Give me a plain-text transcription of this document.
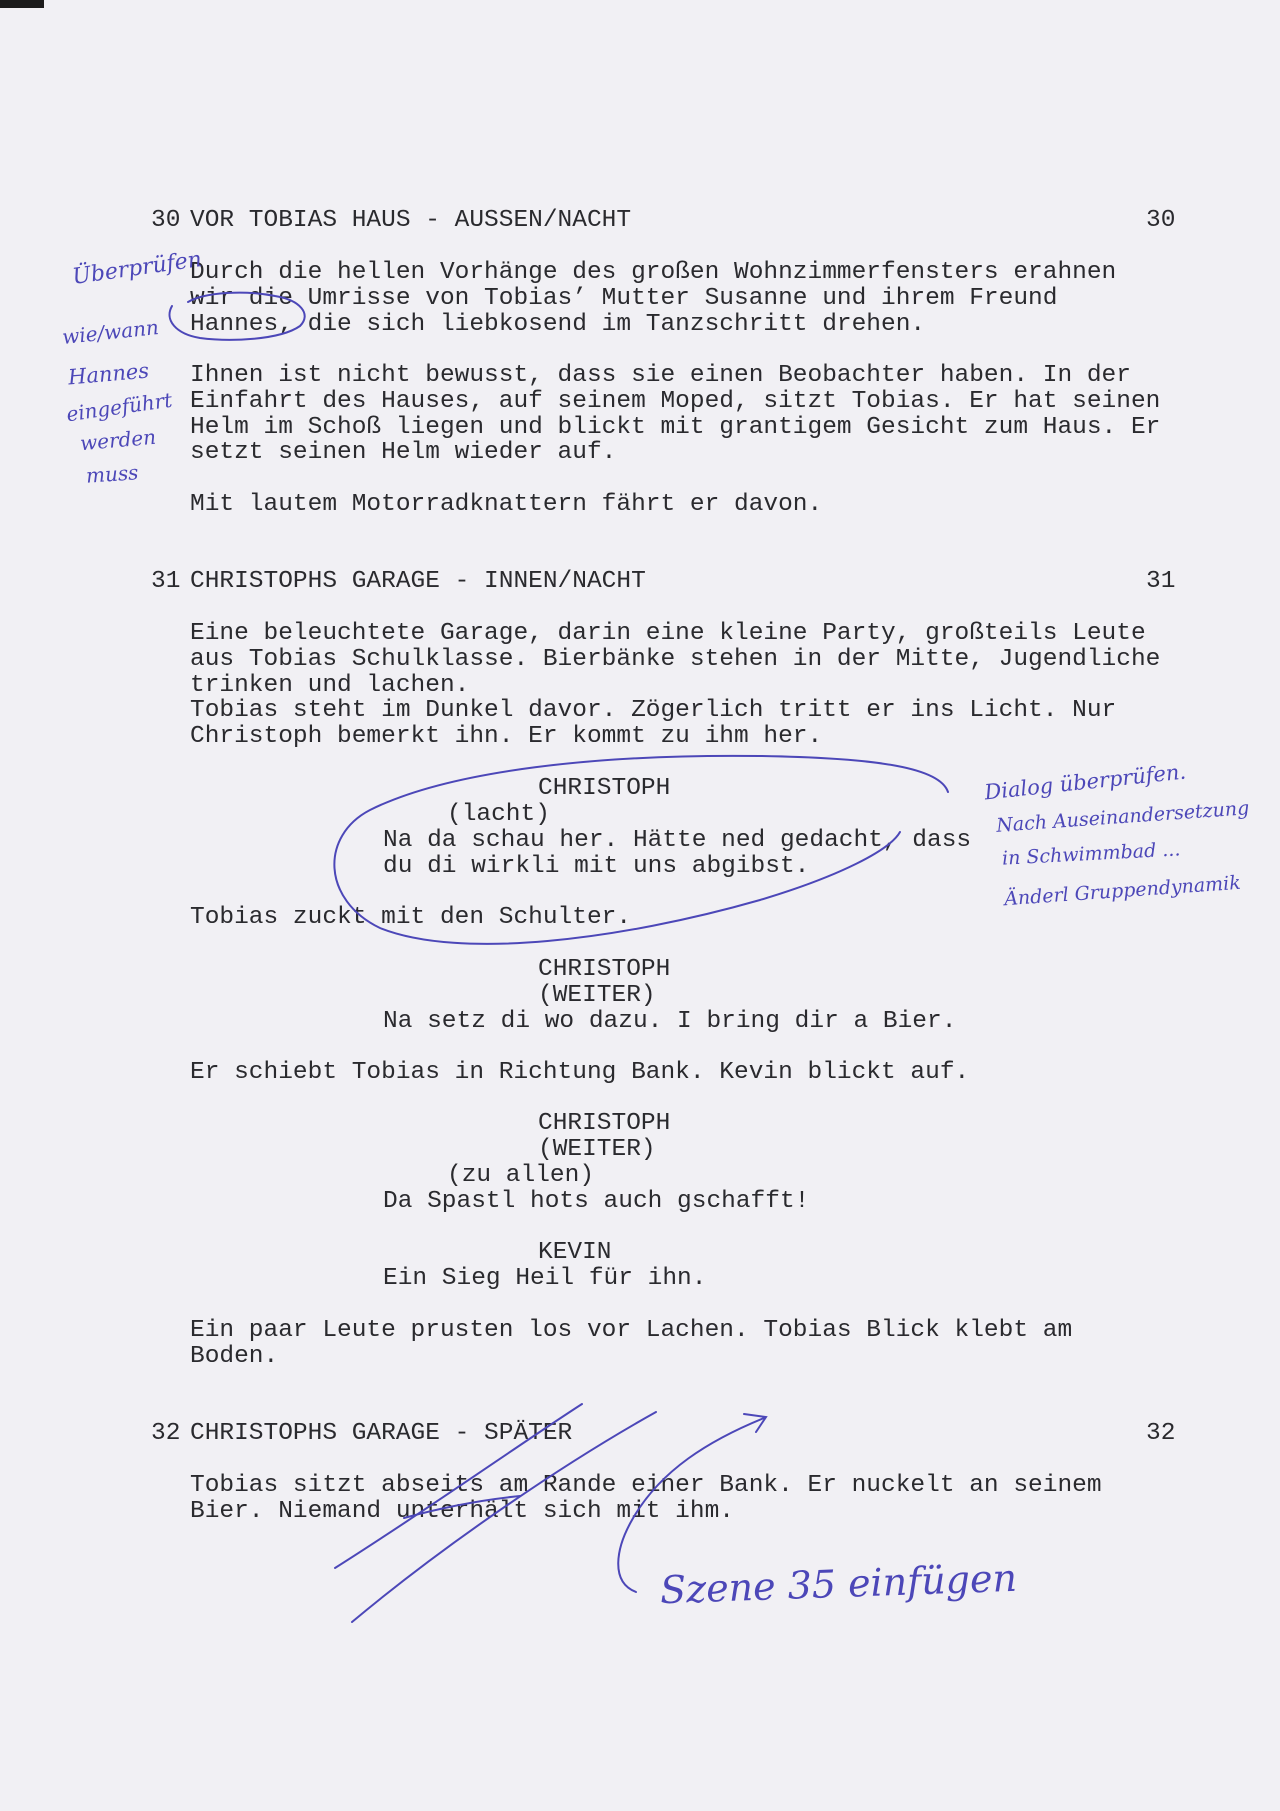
30 VOR TOBIAS HAUS - AUSSEN/NACHT	30
Durch die hellen Vorhänge des großen Wohnzimmerfensters erahnen
wir die Umrisse von Tobias’ Mutter Susanne und ihrem Freund
Hannes, die sich liebkosend im Tanzschritt drehen.
Ihnen ist nicht bewusst, dass sie einen Beobachter haben. In der
Einfahrt des Hauses, auf seinem Moped, sitzt Tobias. Er hat seinen
Helm im Schoß liegen und blickt mit grantigem Gesicht zum Haus. Er
setzt seinen Helm wieder auf.
Mit lautem Motorradknattern fährt er davon.
31 CHRISTOPHS GARAGE - INNEN/NACHT	31
Eine beleuchtete Garage, darin eine kleine Party, großteils Leute
aus Tobias Schulklasse. Bierbänke stehen in der Mitte, Jugendliche
trinken und lachen.
Tobias steht im Dunkel davor. Zögerlich tritt er ins Licht. Nur
Christoph bemerkt ihn. Er kommt zu ihm her.
CHRISTOPH
(lacht)
Na da schau her. Hätte ned gedacht, dass
du di wirkli mit uns abgibst.
Tobias zuckt mit den Schulter.
CHRISTOPH
(WEITER)
Na setz di wo dazu. I bring dir a Bier.
Er schiebt Tobias in Richtung Bank. Kevin blickt auf.
CHRISTOPH
(WEITER)
(zu allen)
Da Spastl hots auch gschafft!
KEVIN
Ein Sieg Heil für ihn.
Ein paar Leute prusten los vor Lachen. Tobias Blick klebt am
Boden.
32 CHRISTOPHS GARAGE - SPÄTER	32
Tobias sitzt abseits am Rande einer Bank. Er nuckelt an seinem
Bier. Niemand unterhält sich mit ihm.
Überprüfen
wie/wann
Hannes
eingeführt
werden
muss
Dialog überprüfen.
Nach Auseinandersetzung
in Schwimmbad ...
Änderl Gruppendynamik
Szene 35 einfügen
